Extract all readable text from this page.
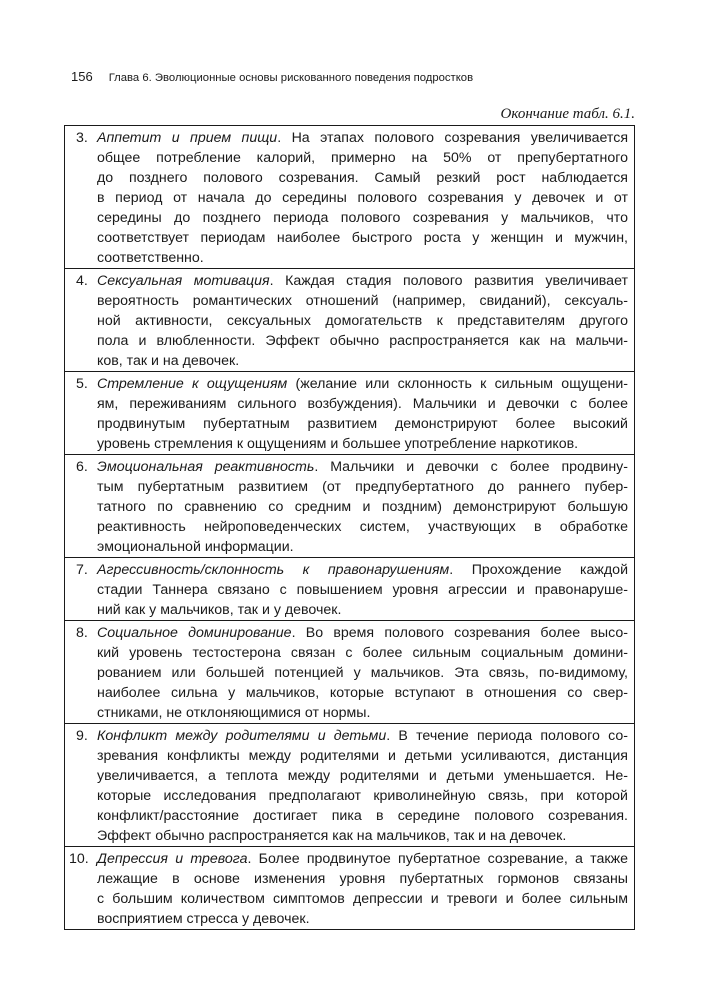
156 Глава 6. Эволюционные основы рискованного поведения подростков
Окончание табл. 6.1.
3. Аппетит и прием пищи. На этапах полового созревания увеличивается
общее потребление калорий, примерно на 50% от препубертатного
до позднего полового созревания. Самый резкий рост наблюдается
в период от начала до середины полового созревания у девочек и от
середины до позднего периода полового созревания у мальчиков, что
соответствует периодам наиболее быстрого роста у женщин и мужчин,
соответственно.
4. Сексуальная мотивация. Каждая стадия полового развития увеличивает
вероятность романтических отношений (например, свиданий), сексуаль-
ной активности, сексуальных домогательств к представителям другого
пола и влюбленности. Эффект обычно распространяется как на мальчи-
ков, так и на девочек.
5. Стремление к ощущениям (желание или склонность к сильным ощущени-
ям, переживаниям сильного возбуждения). Мальчики и девочки с более
продвинутым пубертатным развитием демонстрируют более высокий
уровень стремления к ощущениям и большее употребление наркотиков.
6. Эмоциональная реактивность. Мальчики и девочки с более продвину-
тым пубертатным развитием (от предпубертатного до раннего пубер-
татного по сравнению со средним и поздним) демонстрируют большую
реактивность нейроповеденческих систем, участвующих в обработке
эмоциональной информации.
7. Агрессивность/склонность к правонарушениям. Прохождение каждой
стадии Таннера связано с повышением уровня агрессии и правонаруше-
ний как у мальчиков, так и у девочек.
8. Социальное доминирование. Во время полового созревания более высо-
кий уровень тестостерона связан с более сильным социальным домини-
рованием или большей потенцией у мальчиков. Эта связь, по-видимому,
наиболее сильна у мальчиков, которые вступают в отношения со свер-
стниками, не отклоняющимися от нормы.
9. Конфликт между родителями и детьми. В течение периода полового со-
зревания конфликты между родителями и детьми усиливаются, дистанция
увеличивается, а теплота между родителями и детьми уменьшается. Не-
которые исследования предполагают криволинейную связь, при которой
конфликт/расстояние достигает пика в середине полового созревания.
Эффект обычно распространяется как на мальчиков, так и на девочек.
10. Депрессия и тревога. Более продвинутое пубертатное созревание, а также
лежащие в основе изменения уровня пубертатных гормонов связаны
с большим количеством симптомов депрессии и тревоги и более сильным
восприятием стресса у девочек.
